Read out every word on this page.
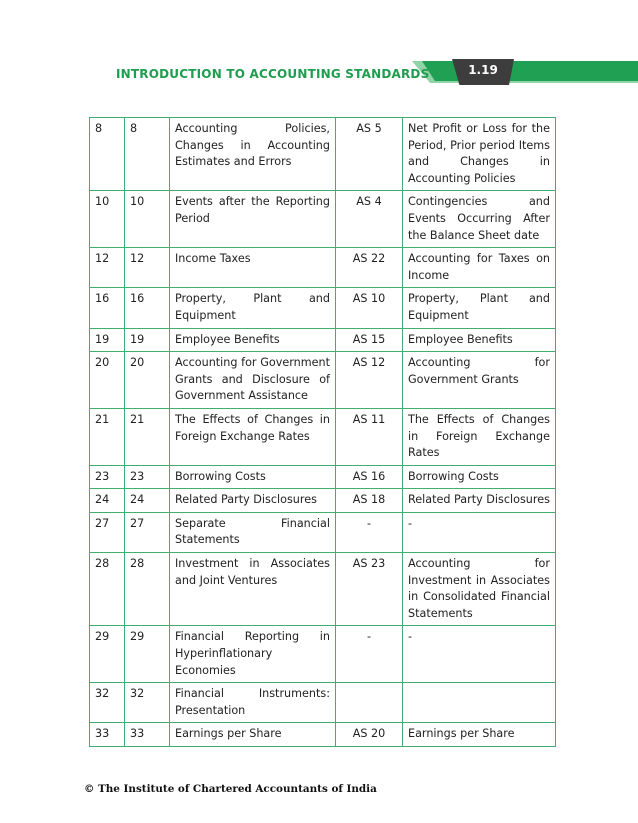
1.19
INTRODUCTION TO ACCOUNTING STANDARDS
8	8	Accounting Policies, Changes in Accounting Estimates and Errors	AS 5	Net Profit or Loss for the Period, Prior period Items and Changes in Accounting Policies
10	10	Events after the Reporting Period	AS 4	Contingencies and Events Occurring After the Balance Sheet date
12	12	Income Taxes	AS 22	Accounting for Taxes on Income
16	16	Property, Plant and Equipment	AS 10	Property, Plant and Equipment
19	19	Employee Benefits	AS 15	Employee Benefits
20	20	Accounting for Government Grants and Disclosure of Government Assistance	AS 12	Accounting for Government Grants
21	21	The Effects of Changes in Foreign Exchange Rates	AS 11	The Effects of Changes in Foreign Exchange Rates
23	23	Borrowing Costs	AS 16	Borrowing Costs
24	24	Related Party Disclosures	AS 18	Related Party Disclosures
27	27	Separate Financial Statements	-	-
28	28	Investment in Associates and Joint Ventures	AS 23	Accounting for Investment in Associates in Consolidated Financial Statements
29	29	Financial Reporting in Hyperinflationary Economies	-	-
32	32	Financial Instruments: Presentation		
33	33	Earnings per Share	AS 20	Earnings per Share
© The Institute of Chartered Accountants of India
